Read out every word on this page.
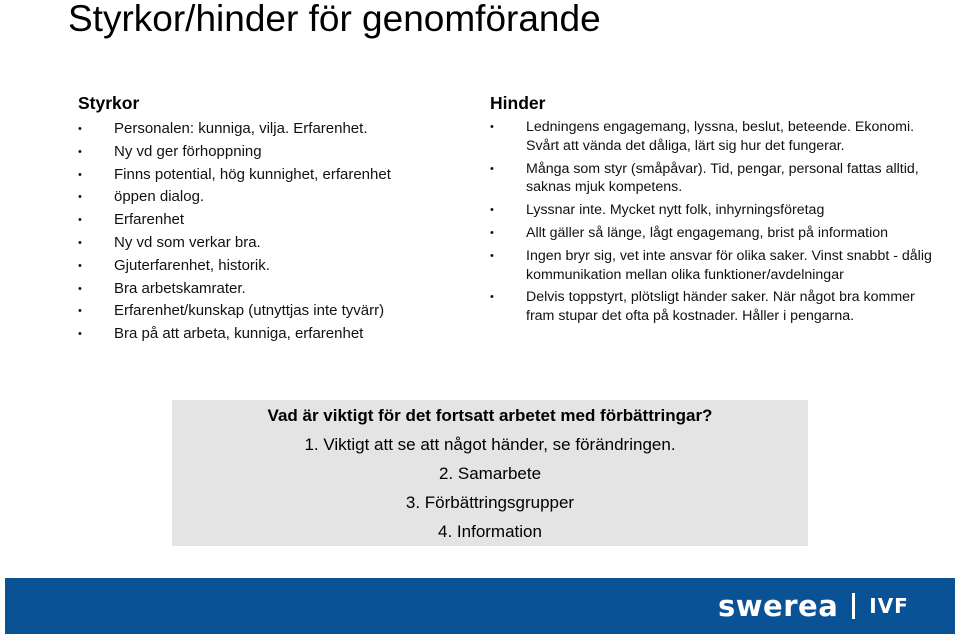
Styrkor/hinder för genomförande
Styrkor
• Personalen: kunniga, vilja. Erfarenhet.
• Ny vd ger förhoppning
• Finns potential, hög kunnighet, erfarenhet
• öppen dialog.
• Erfarenhet
• Ny vd som verkar bra.
• Gjuterfarenhet, historik.
• Bra arbetskamrater.
• Erfarenhet/kunskap (utnyttjas inte tyvärr)
• Bra på att arbeta, kunniga, erfarenhet
Hinder
• Ledningens engagemang, lyssna, beslut, beteende. Ekonomi. Svårt att vända det dåliga, lärt sig hur det fungerar.
• Många som styr (småpåvar). Tid, pengar, personal fattas alltid, saknas mjuk kompetens.
• Lyssnar inte. Mycket nytt folk, inhyrningsföretag
• Allt gäller så länge, lågt engagemang, brist på information
• Ingen bryr sig, vet inte ansvar för olika saker. Vinst snabbt - dålig kommunikation mellan olika funktioner/avdelningar
• Delvis toppstyrt, plötsligt händer saker. När något bra kommer fram stupar det ofta på kostnader. Håller i pengarna.
Vad är viktigt för det fortsatt arbetet med förbättringar?
1. Viktigt att se att något händer, se förändringen.
2. Samarbete
3. Förbättringsgrupper
4. Information
swerea IVF
